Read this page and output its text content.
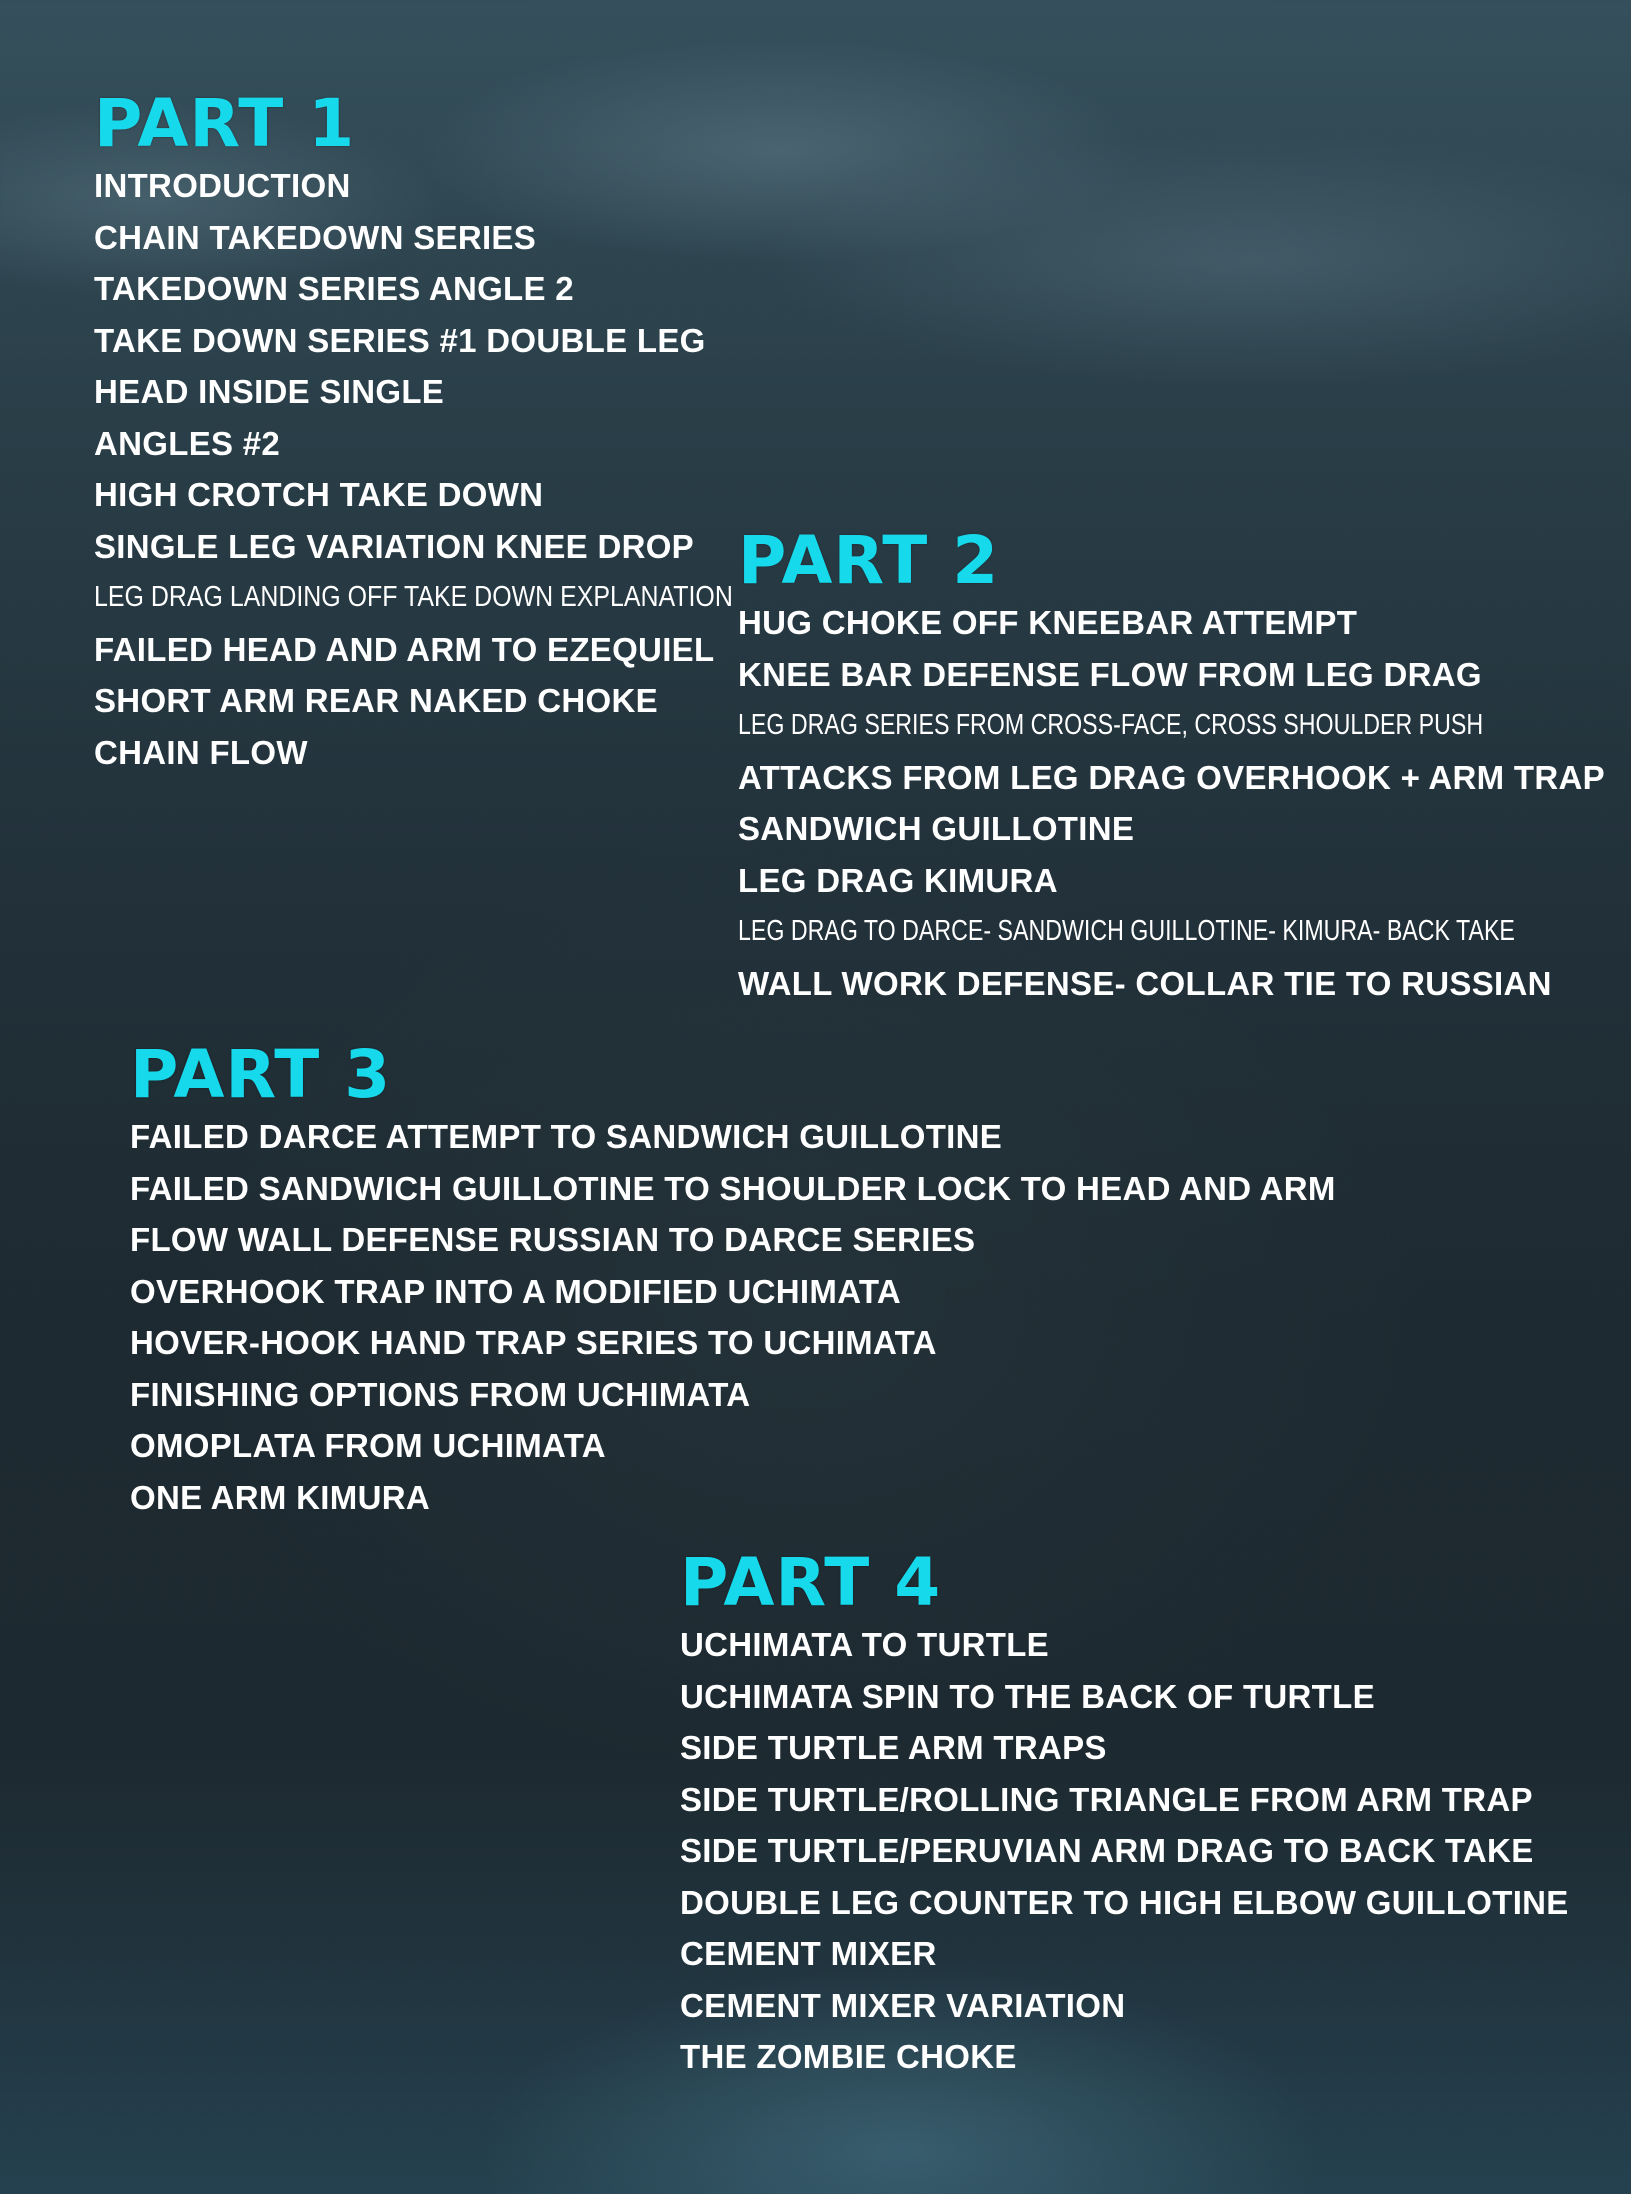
PART 1
INTRODUCTION
CHAIN TAKEDOWN SERIES
TAKEDOWN SERIES ANGLE 2
TAKE DOWN SERIES #1 DOUBLE LEG
HEAD INSIDE SINGLE
ANGLES #2
HIGH CROTCH TAKE DOWN
SINGLE LEG VARIATION KNEE DROP
LEG DRAG LANDING OFF TAKE DOWN EXPLANATION
FAILED HEAD AND ARM TO EZEQUIEL
SHORT ARM REAR NAKED CHOKE
CHAIN FLOW
PART 2
HUG CHOKE OFF KNEEBAR ATTEMPT
KNEE BAR DEFENSE FLOW FROM LEG DRAG
LEG DRAG SERIES FROM CROSS-FACE, CROSS SHOULDER PUSH
ATTACKS FROM LEG DRAG OVERHOOK + ARM TRAP
SANDWICH GUILLOTINE
LEG DRAG KIMURA
LEG DRAG TO DARCE- SANDWICH GUILLOTINE- KIMURA- BACK TAKE
WALL WORK DEFENSE- COLLAR TIE TO RUSSIAN
PART 3
FAILED DARCE ATTEMPT TO SANDWICH GUILLOTINE
FAILED SANDWICH GUILLOTINE TO SHOULDER LOCK TO HEAD AND ARM
FLOW WALL DEFENSE RUSSIAN TO DARCE SERIES
OVERHOOK TRAP INTO A MODIFIED UCHIMATA
HOVER-HOOK HAND TRAP SERIES TO UCHIMATA
FINISHING OPTIONS FROM UCHIMATA
OMOPLATA FROM UCHIMATA
ONE ARM KIMURA
PART 4
UCHIMATA TO TURTLE
UCHIMATA SPIN TO THE BACK OF TURTLE
SIDE TURTLE ARM TRAPS
SIDE TURTLE/ROLLING TRIANGLE FROM ARM TRAP
SIDE TURTLE/PERUVIAN ARM DRAG TO BACK TAKE
DOUBLE LEG COUNTER TO HIGH ELBOW GUILLOTINE
CEMENT MIXER
CEMENT MIXER VARIATION
THE ZOMBIE CHOKE
